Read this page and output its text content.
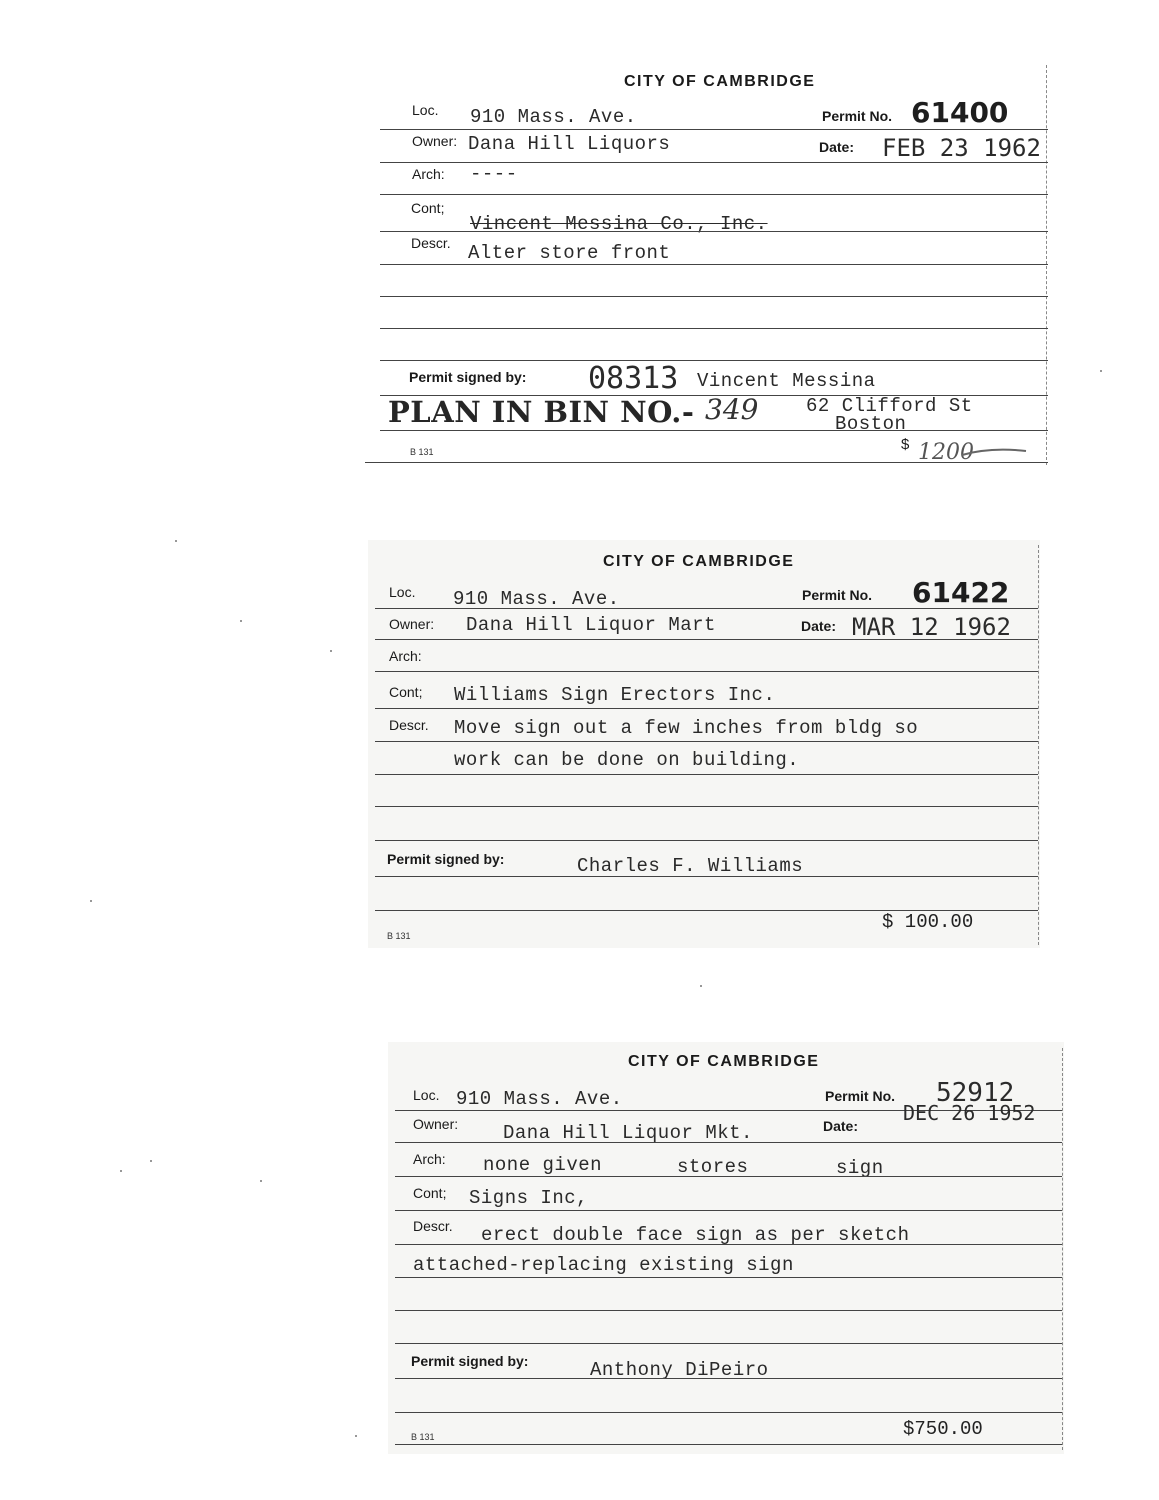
CITY OF CAMBRIDGE
Loc. 910 Mass. Ave.	Permit No. 61400
Owner: Dana Hill Liquors	Date: FEB 23 1962
Arch: ----
Cont;
Vincent Messina Co., Inc.
Descr. Alter store front
Permit signed by: 08313 Vincent Messina
PLAN IN BIN NO.- 349	62 Clifford St
Boston
$ 1200
B 131
CITY OF CAMBRIDGE
Loc. 910 Mass. Ave.	Permit No. 61422
Owner: Dana Hill Liquor Mart	Date: MAR 12 1962
Arch:
Cont; Williams Sign Erectors Inc.
Descr. Move sign out a few inches from bldg so
work can be done on building.
Permit signed by:	Charles F. Williams
$ 100.00
B 131
CITY OF CAMBRIDGE
Loc. 910 Mass. Ave.	Permit No. 52912
Owner: Dana Hill Liquor Mkt.	Date:
DEC 26 1952
Arch: none given	stores	sign
Cont; Signs Inc,
Descr. erect double face sign as per sketch
attached-replacing existing sign
Permit signed by:	Anthony DiPeiro
$750.00
B 131
